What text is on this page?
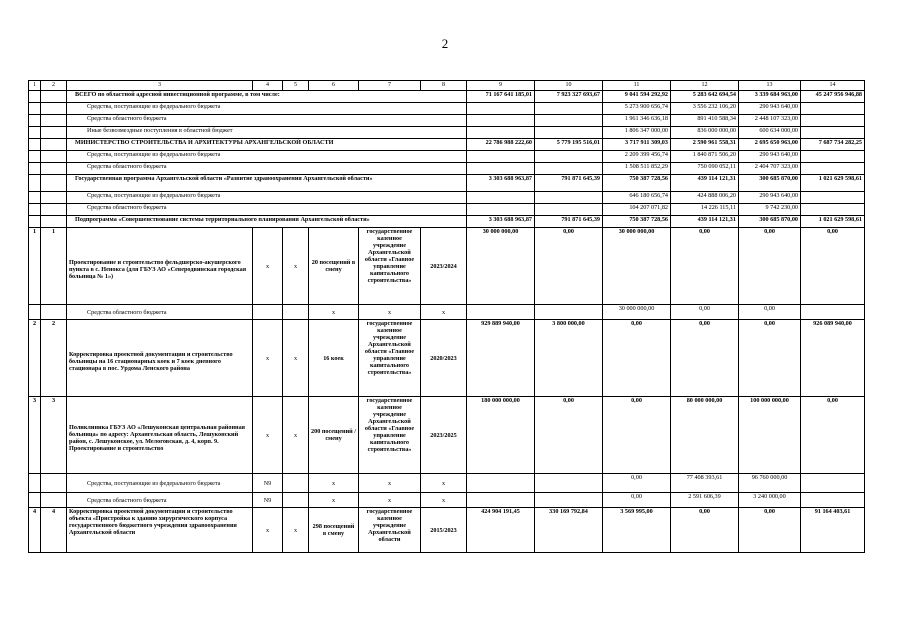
2
1	2	3	4	5	6	7	8	9	10	11	12	13	14
		ВСЕГО по областной адресной инвестиционной программе, в том числе:						71 167 641 185,01	7 923 327 693,67	9 041 594 292,92	5 283 642 694,54	3 339 684 963,00	45 247 956 946,88
		Средства, поступающие из федерального бюджета								5 273 900 656,74	3 556 232 106,20	290 943 640,00	
		Средства областного бюджета								1 961 346 636,18	891 410 588,34	2 448 107 323,00	
		Иные безвозмездные поступления в областной бюджет								1 806 347 000,00	836 000 000,00	600 634 000,00	
		МИНИСТЕРСТВО СТРОИТЕЛЬСТВА И АРХИТЕКТУРЫ АРХАНГЕЛЬСКОЙ ОБЛАСТИ						22 786 988 222,60	5 779 195 516,01	3 717 911 309,03	2 590 961 558,31	2 695 650 963,00	7 687 734 282,25
		Средства, поступающие из федерального бюджета								2 209 399 456,74	1 840 871 506,20	290 943 640,00	
		Средства областного бюджета								1 508 511 852,29	750 090 052,11	2 404 707 323,00	
		Государственная программа Архангельской области «Развитие здравоохранения Архангельской области»						3 303 688 963,87	791 871 645,39	750 387 728,56	439 114 121,31	300 685 870,00	1 021 629 598,61
		Средства, поступающие из федерального бюджета								646 180 656,74	424 888 006,20	290 943 640,00	
		Средства областного бюджета								104 207 071,82	14 226 115,11	9 742 230,00	
		Подпрограмма «Совершенствование системы территориального планирования Архангельской области»						3 303 688 963,87	791 871 645,39	750 387 728,56	439 114 121,31	300 685 870,00	1 021 629 598,61
1	1	Проектирование и строительство фельдшерско-акушерского пункта в с. Ненокса (для ГБУЗ АО «Северодвинская городская больница № 1»)	x	x	20 посещений в смену	государственное казенное учреждение Архангельской области «Главное управление капитального строительства»	2023/2024	30 000 000,00	0,00	30 000 000,00	0,00	0,00	0,00
		Средства областного бюджета			x	x	x			30 000 000,00	0,00	0,00	
2	2	Корректировка проектной документации и строительство больницы на 16 стационарных коек и 7 коек дневного стационара в пос. Урдома Ленского района	x	x	16 коек	государственное казенное учреждение Архангельской области «Главное управление капитального строительства»	2020/2023	929 889 940,00	3 800 000,00	0,00	0,00	0,00	926 089 940,00
3	3	Поликлиника ГБУЗ АО «Лешуконская центральная районная больница» по адресу: Архангельская область, Лешуконский район, с. Лешуконское, ул. Мелоговская, д. 4, корп. 9. Проектирование и строительство	x	x	200 посещений / смену	государственное казенное учреждение Архангельской области «Главное управление капитального строительства»	2023/2025	180 000 000,00	0,00	0,00	80 000 000,00	100 000 000,00	0,00
		Средства, поступающие из федерального бюджета	N9		x	x	x			0,00	77 408 393,61	96 760 000,00	
		Средства областного бюджета	N9		x	x	x			0,00	2 591 606,39	3 240 000,00	
4	4	Корректировка проектной документации и строительство объекта «Пристройка к зданию хирургического корпуса государственного бюджетного учреждения здравоохранения Архангельской области	x	x	298 посещений в смену	государственное казенное учреждение Архангельской области	2015/2023	424 904 191,45	330 169 792,84	3 569 995,00	0,00	0,00	91 164 403,61
